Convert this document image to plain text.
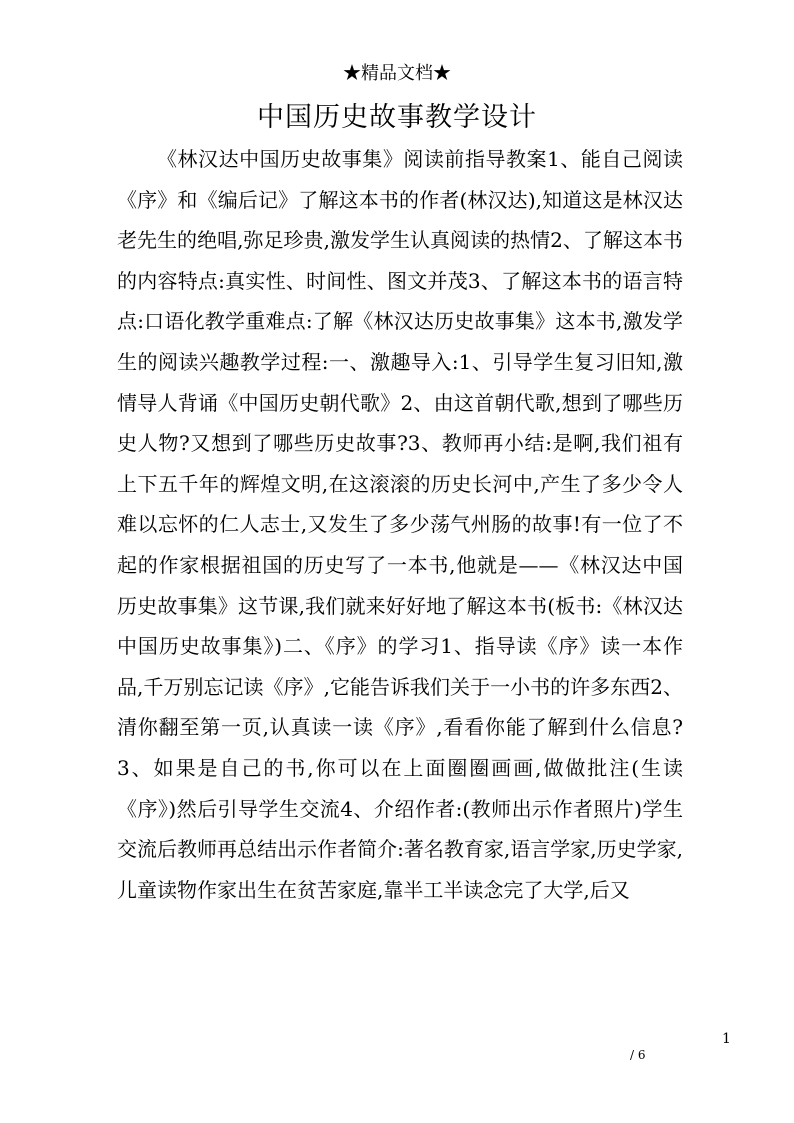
★精品文档★
中国历史故事教学设计

《林汉达中国历史故事集》阅读前指导教案1、能自己阅读《序》和《编后记》了解这本书的作者(林汉达),知道这是林汉达老先生的绝唱,弥足珍贵,激发学生认真阅读的热情2、了解这本书的内容特点:真实性、时间性、图文并茂3、了解这本书的语言特点:口语化教学重难点:了解《林汉达历史故事集》这本书,激发学生的阅读兴趣教学过程:一、激趣导入:1、引导学生复习旧知,激情导人背诵《中国历史朝代歌》2、由这首朝代歌,想到了哪些历史人物?又想到了哪些历史故事?3、教师再小结:是啊,我们祖有上下五千年的辉煌文明,在这滚滚的历史长河中,产生了多少令人难以忘怀的仁人志士,又发生了多少荡气州肠的故事!有一位了不起的作家根据祖国的历史写了一本书,他就是——《林汉达中国历史故事集》这节课,我们就来好好地了解这本书(板书:《林汉达中国历史故事集》)二、《序》的学习1、指导读《序》读一本作品,千万别忘记读《序》,它能告诉我们关于一小书的许多东西2、清你翻至第一页,认真读一读《序》,看看你能了解到什么信息?3、如果是自己的书,你可以在上面圈圈画画,做做批注(生读《序》)然后引导学生交流4、介绍作者:(教师出示作者照片)学生交流后教师再总结出示作者简介:著名教育家,语言学家,历史学家,儿童读物作家出生在贫苦家庭,靠半工半读念完了大学,后又

1
/ 6
